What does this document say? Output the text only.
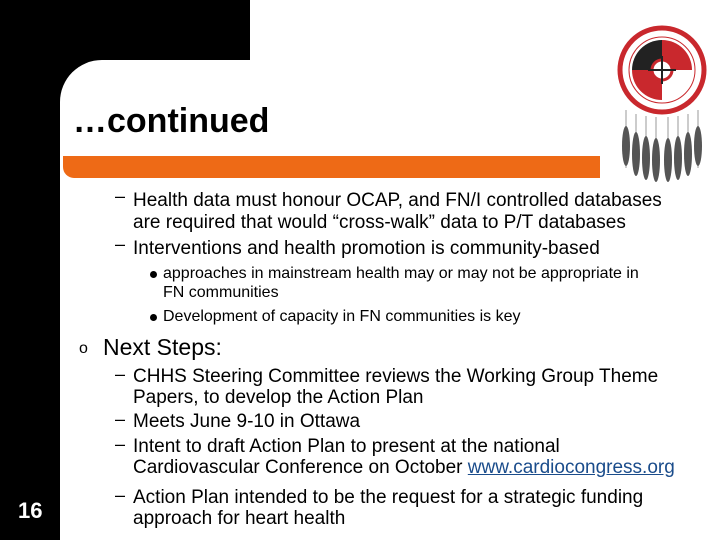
…continued
– Health data must honour OCAP, and FN/I controlled databases
are required that would “cross-walk” data to P/T databases
– Interventions and health promotion is community-based
approaches in mainstream health may or may not be appropriate in
FN communities
Development of capacity in FN communities is key
o Next Steps:
– CHHS Steering Committee reviews the Working Group Theme
Papers, to develop the Action Plan
– Meets June 9-10 in Ottawa
– Intent to draft Action Plan to present at the national
Cardiovascular Conference on October www.cardiocongress.org
– Action Plan intended to be the request for a strategic funding
approach for heart health
16
